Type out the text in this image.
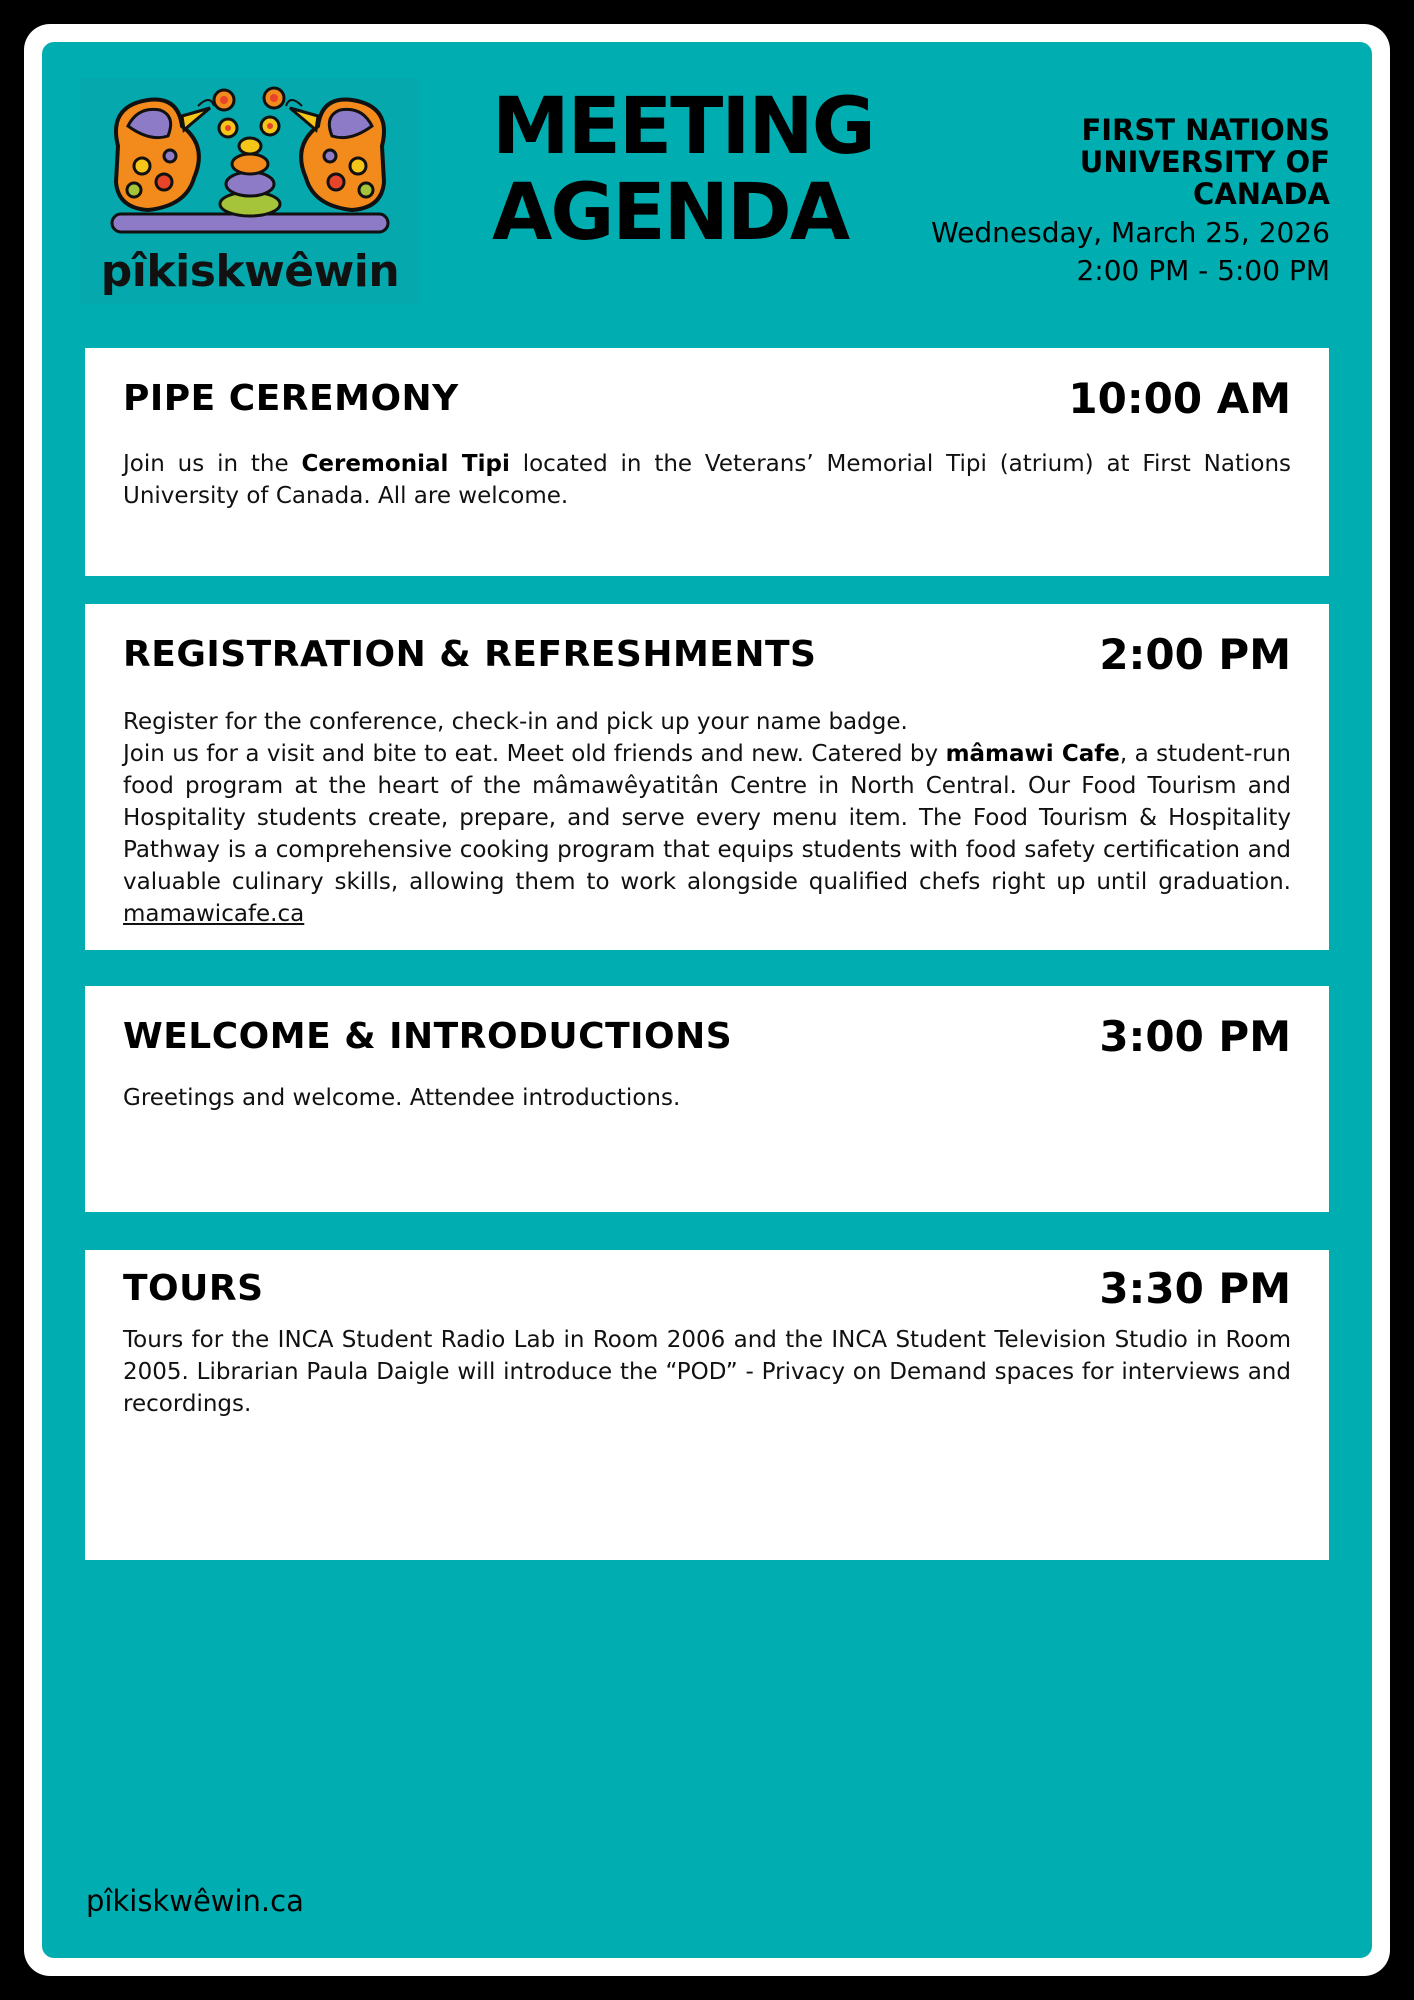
pîkiskwêwin
MEETING
AGENDA
FIRST NATIONS
UNIVERSITY OF
CANADA
Wednesday, March 25, 2026
2:00 PM - 5:00 PM
PIPE CEREMONY	10:00 AM
Join us in the Ceremonial Tipi located in the Veterans’ Memorial Tipi (atrium) at First Nations University of Canada. All are welcome.
REGISTRATION & REFRESHMENTS	2:00 PM
Register for the conference, check-in and pick up your name badge.
Join us for a visit and bite to eat. Meet old friends and new. Catered by mâmawi Cafe, a student-run food program at the heart of the mâmawêyatitân Centre in North Central. Our Food Tourism and Hospitality students create, prepare, and serve every menu item. The Food Tourism & Hospitality Pathway is a comprehensive cooking program that equips students with food safety certification and valuable culinary skills, allowing them to work alongside qualified chefs right up until graduation. mamawicafe.ca
WELCOME & INTRODUCTIONS	3:00 PM
Greetings and welcome. Attendee introductions.
TOURS	3:30 PM
Tours for the INCA Student Radio Lab in Room 2006 and the INCA Student Television Studio in Room 2005. Librarian Paula Daigle will introduce the “POD” - Privacy on Demand spaces for interviews and recordings.
pîkiskwêwin.ca
